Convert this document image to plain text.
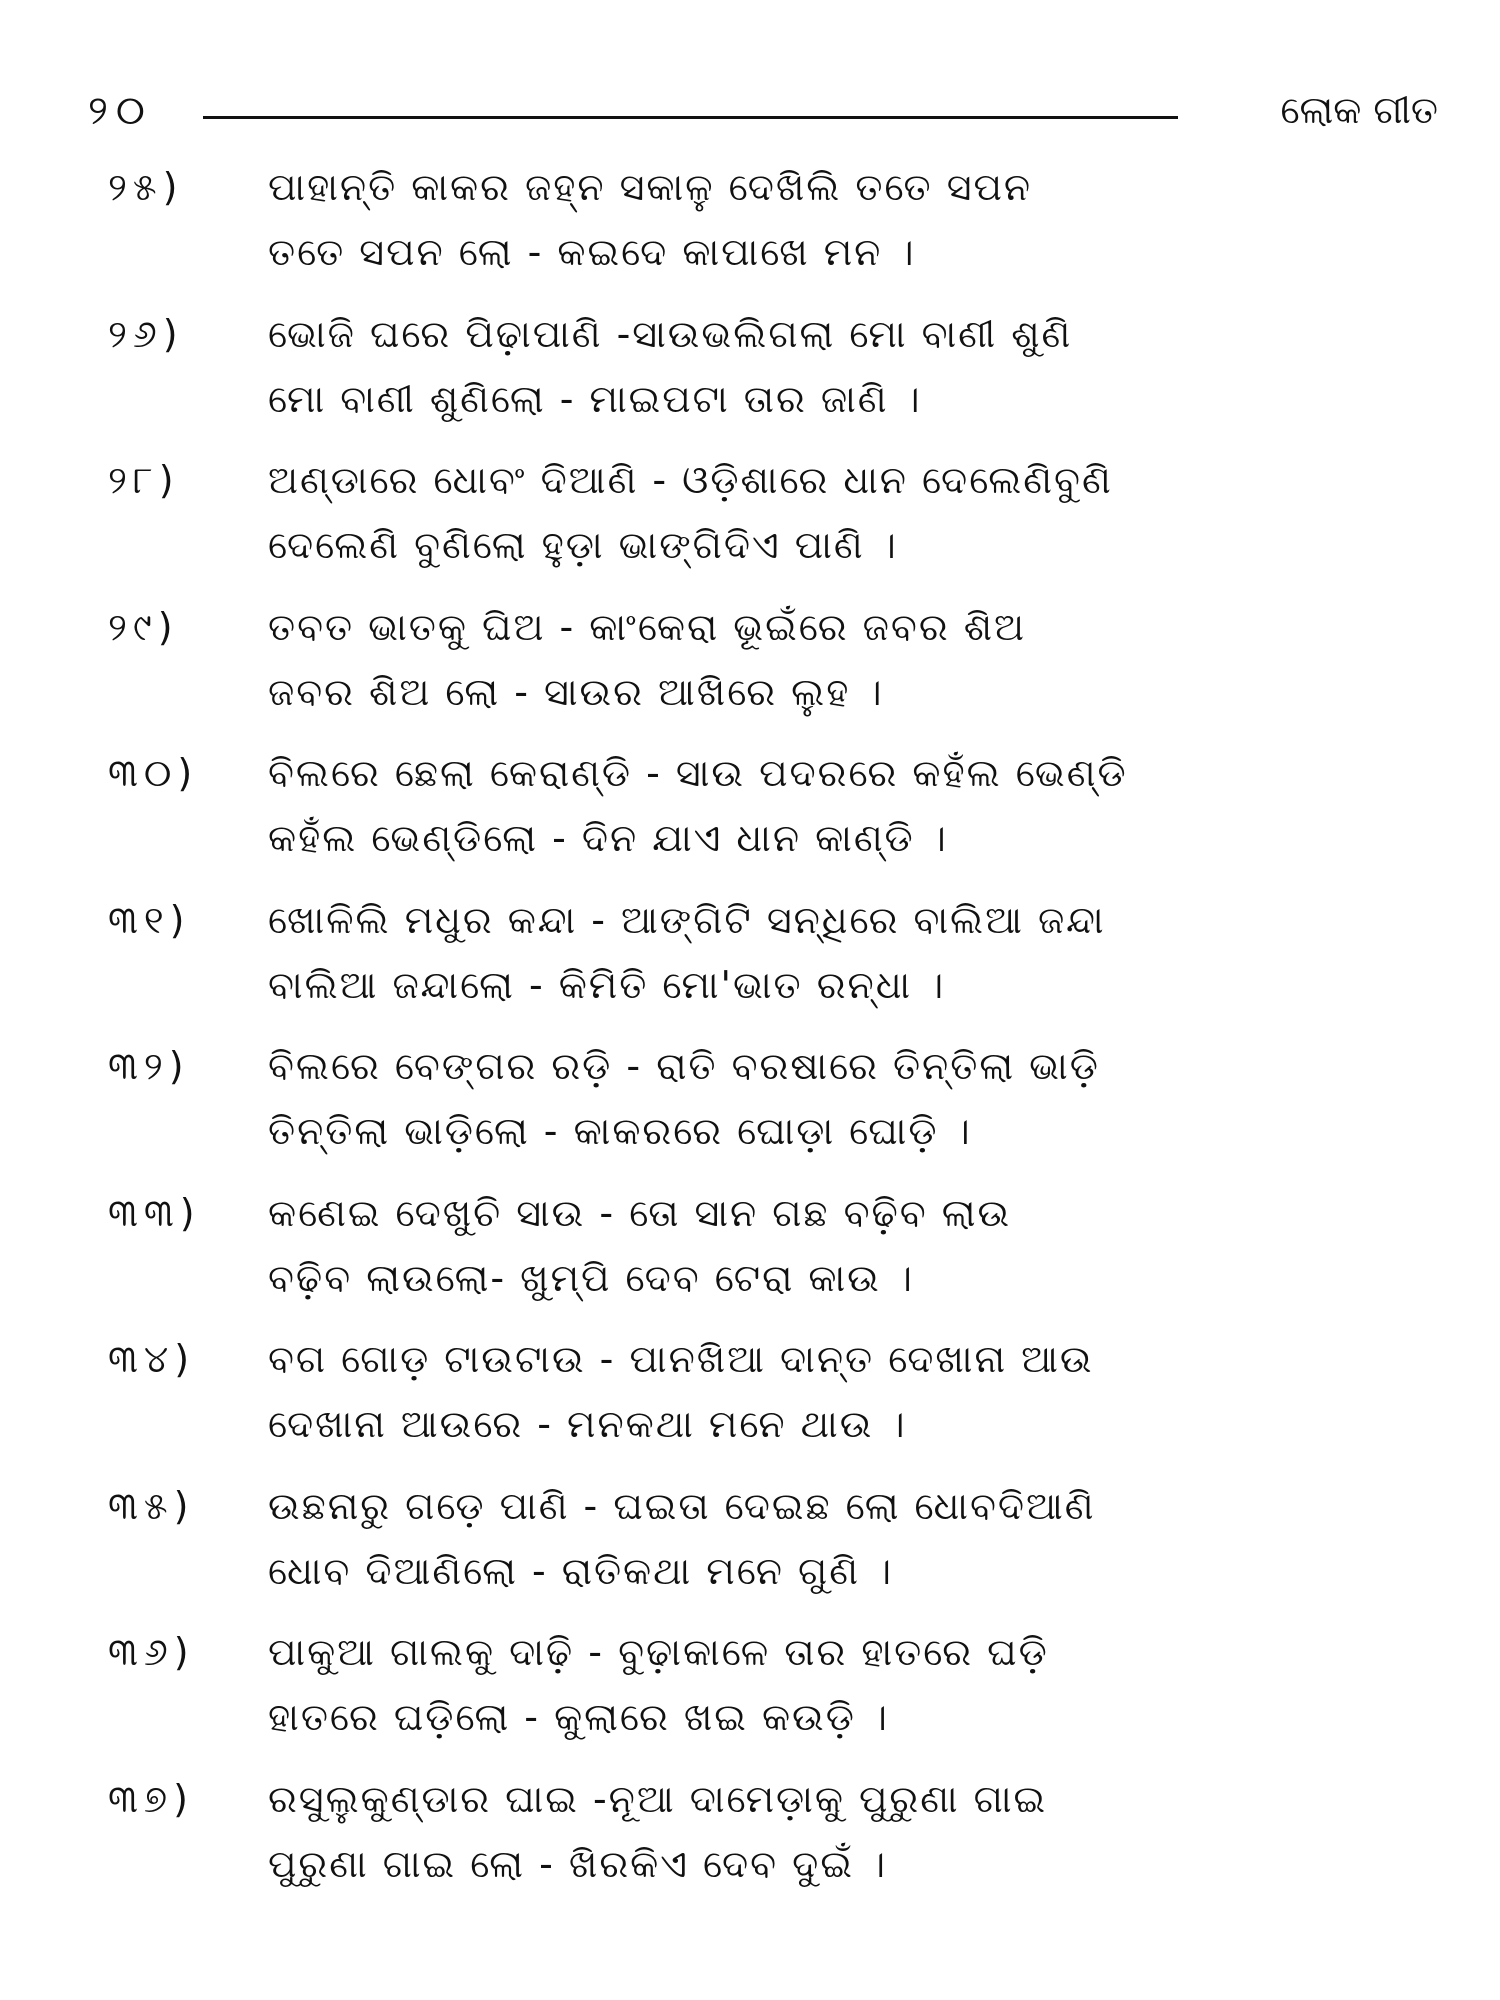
୨୦	ଲୋକ ଗୀତ
୨୫) ପାହାନ୍ତି କାକର ଜହ୍ନ ସକାଳୁ ଦେଖିଲି ତତେ ସପନ
ତତେ ସପନ ଲୋ - କଇଦେ କାପାଖେ ମନ ।
୨୬) ଭୋଜି ଘରେ ପିଢ଼ାପାଣି -ସାଉଭଲିଗଲା ମୋ ବାଣୀ ଶୁଣି
ମୋ ବାଣୀ ଶୁଣିଲୋ - ମାଇପଟା ତାର ଜାଣି ।
୨୮) ଅଣ୍ଡାରେ ଧୋବଂ ଦିଆଣି - ଓଡ଼ିଶାରେ ଧାନ ଦେଲେଣିବୁଣି
ଦେଲେଣି ବୁଣିଲୋ ହୁଡ଼ା ଭାଙ୍ଗିଦିଏ ପାଣି ।
୨୯) ତବତ ଭାତକୁ ଘିଅ - କାଂକେରା ଭୂଇଁରେ ଜବର ଶିଅ
ଜବର ଶିଅ ଲୋ - ସାଉର ଆଖିରେ ଲୁହ ।
୩୦) ବିଲରେ ଛେଲା କେରାଣ୍ଡି - ସାଉ ପଦରରେ କହଁଲ ଭେଣ୍ଡି
କହଁଲ ଭେଣ୍ଡିଲୋ - ଦିନ ଯାଏ ଧାନ କାଣ୍ଡି ।
୩୧) ଖୋଳିଲି ମଧୁର କନ୍ଦା - ଆଙ୍ଗିଟି ସନ୍ଧିରେ ବାଲିଆ ଜନ୍ଦା
ବାଲିଆ ଜନ୍ଦାଲୋ - କିମିତି ମୋ'ଭାତ ରନ୍ଧା ।
୩୨) ବିଲରେ ବେଙ୍ଗର ରଡ଼ି - ରାତି ବରଷାରେ ତିନ୍ତିଲା ଭାଡ଼ି
ତିନ୍ତିଲା ଭାଡ଼ିଲୋ - କାକରରେ ଘୋଡ଼ା ଘୋଡ଼ି ।
୩୩) କଣେଇ ଦେଖୁଚି ସାଉ - ତୋ ସାନ ଗଛ ବଢ଼ିବ ଲାଉ
ବଢ଼ିବ ଲାଉଲୋ- ଖୁମ୍ପି ଦେବ ଟେରା କାଉ ।
୩୪) ବଗ ଗୋଡ଼ ଟାଉଟାଉ - ପାନଖିଆ ଦାନ୍ତ ଦେଖାନା ଆଉ
ଦେଖାନା ଆଉରେ - ମନକଥା ମନେ ଥାଉ ।
୩୫) ଉଛନାରୁ ଗଡ଼େ ପାଣି - ଘଇତା ଦେଇଛ ଲୋ ଧୋବଦିଆଣି
ଧୋବ ଦିଆଣିଲୋ - ରାତିକଥା ମନେ ଗୁଣି ।
୩୬) ପାକୁଆ ଗାଲକୁ ଦାଢ଼ି - ବୁଢ଼ାକାଳେ ତାର ହାତରେ ଘଡ଼ି
ହାତରେ ଘଡ଼ିଲୋ - କୁଲାରେ ଖଇ କଉଡ଼ି ।
୩୭) ରସୁଲୁକୁଣ୍ଡାର ଘାଇ -ନୂଆ ଦାମେଡ଼ାକୁ ପୁରୁଣା ଗାଇ
ପୁରୁଣା ଗାଇ ଲୋ - ଖିରକିଏ ଦେବ ଦୁଇଁ ।
